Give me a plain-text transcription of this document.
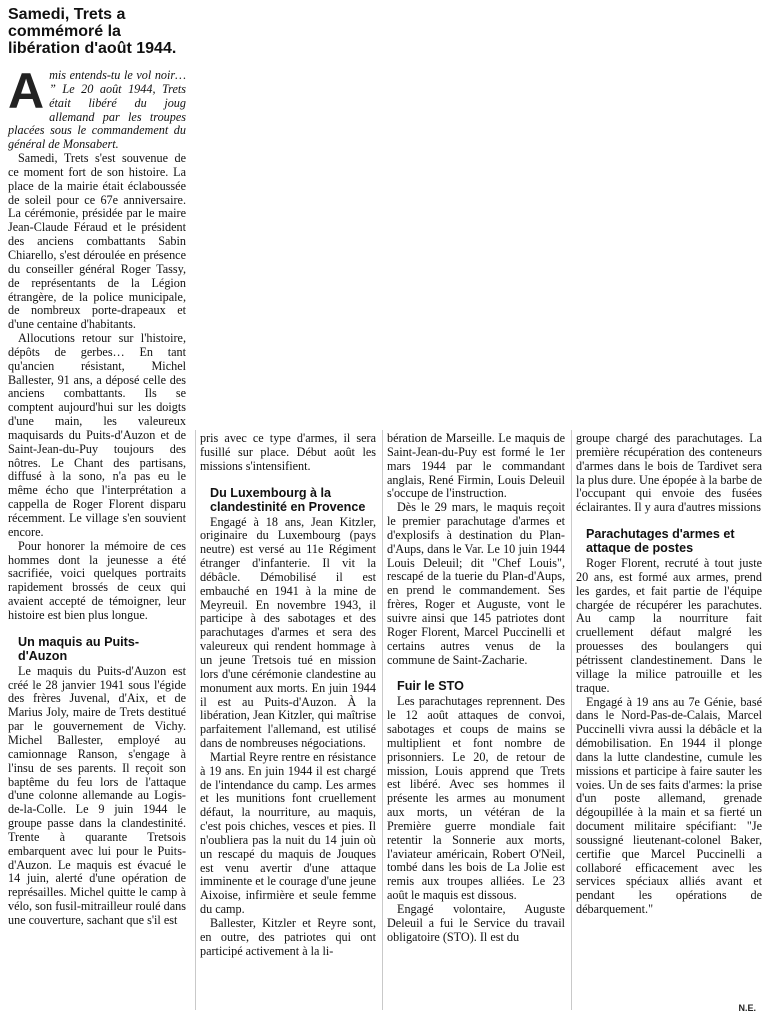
Samedi, Trets a commémoré la libération d'août 1944.

Amis entends-tu le vol noir… ” Le 20 août 1944, Trets était libéré du joug allemand par les troupes placées sous le commandement du général de Monsabert.

Samedi, Trets s'est souvenue de ce moment fort de son histoire. La place de la mairie était éclaboussée de soleil pour ce 67e anniversaire. La cérémonie, présidée par le maire Jean-Claude Féraud et le président des anciens combattants Sabin Chiarello, s'est déroulée en présence du conseiller général Roger Tassy, de représentants de la Légion étrangère, de la police municipale, de nombreux porte-drapeaux et d'une centaine d'habitants.

Allocutions retour sur l'histoire, dépôts de gerbes… En tant qu'ancien résistant, Michel Ballester, 91 ans, a déposé celle des anciens combattants. Ils se comptent aujourd'hui sur les doigts d'une main, les valeureux maquisards du Puits-d'Auzon et de Saint-Jean-du-Puy toujours des nôtres. Le Chant des partisans, diffusé à la sono, n'a pas eu le même écho que l'interprétation a cappella de Roger Florent disparu récemment. Le village s'en souvient encore.

Pour honorer la mémoire de ces hommes dont la jeunesse a été sacrifiée, voici quelques portraits rapidement brossés de ceux qui avaient accepté de témoigner, leur histoire est bien plus longue.

Un maquis au Puits-d'Auzon

Le maquis du Puits-d'Auzon est créé le 28 janvier 1941 sous l'égide des frères Juvenal, d'Aix, et de Marius Joly, maire de Trets destitué par le gouvernement de Vichy. Michel Ballester, employé au camionnage Ranson, s'engage à l'insu de ses parents. Il reçoit son baptême du feu lors de l'attaque d'une colonne allemande au Logis-de-la-Colle. Le 9 juin 1944 le groupe passe dans la clandestinité. Trente à quarante Tretsois embarquent avec lui pour le Puits-d'Auzon. Le maquis est évacué le 14 juin, alerté d'une opération de représailles. Michel quitte le camp à vélo, son fusil-mitrailleur roulé dans une couverture, sachant que s'il est

pris avec ce type d'armes, il sera fusillé sur place. Début août les missions s'intensifient.

Du Luxembourg à la clandestinité en Provence

Engagé à 18 ans, Jean Kitzler, originaire du Luxembourg (pays neutre) est versé au 11e Régiment étranger d'infanterie. Il vit la débâcle. Démobilisé il est embauché en 1941 à la mine de Meyreuil. En novembre 1943, il participe à des sabotages et des parachutages d'armes et sera des valeureux qui rendent hommage à un jeune Tretsois tué en mission lors d'une cérémonie clandestine au monument aux morts. En juin 1944 il est au Puits-d'Auzon. À la libération, Jean Kitzler, qui maîtrise parfaitement l'allemand, est utilisé dans de nombreuses négociations.

Martial Reyre rentre en résistance à 19 ans. En juin 1944 il est chargé de l'intendance du camp. Les armes et les munitions font cruellement défaut, la nourriture, au maquis, c'est pois chiches, vesces et pies. Il n'oubliera pas la nuit du 14 juin où un rescapé du maquis de Jouques est venu avertir d'une attaque imminente et le courage d'une jeune Aixoise, infirmière et seule femme du camp.

Ballester, Kitzler et Reyre sont, en outre, des patriotes qui ont participé activement à la li-

bération de Marseille. Le maquis de Saint-Jean-du-Puy est formé le 1er mars 1944 par le commandant anglais, René Firmin, Louis Deleuil s'occupe de l'instruction.

Dès le 29 mars, le maquis reçoit le premier parachutage d'armes et d'explosifs à destination du Plan-d'Aups, dans le Var. Le 10 juin 1944 Louis Deleuil; dit "Chef Louis", rescapé de la tuerie du Plan-d'Aups, en prend le commandement. Ses frères, Roger et Auguste, vont le suivre ainsi que 145 patriotes dont Roger Florent, Marcel Puccinelli et certains autres venus de la commune de Saint-Zacharie.

Fuir le STO

Les parachutages reprennent. Des le 12 août attaques de convoi, sabotages et coups de mains se multiplient et font nombre de prisonniers. Le 20, de retour de mission, Louis apprend que Trets est libéré. Avec ses hommes il présente les armes au monument aux morts, un vétéran de la Première guerre mondiale fait retentir la Sonnerie aux morts, l'aviateur américain, Robert O'Neil, tombé dans les bois de La Jolie est remis aux troupes alliées. Le 23 août le maquis est dissous.

Engagé volontaire, Auguste Deleuil a fui le Service du travail obligatoire (STO). Il est du

groupe chargé des parachutages. La première récupération des conteneurs d'armes dans le bois de Tardivet sera la plus dure. Une épopée à la barbe de l'occupant qui envoie des fusées éclairantes. Il y aura d'autres missions

Parachutages d'armes et attaque de postes

Roger Florent, recruté à tout juste 20 ans, est formé aux armes, prend les gardes, et fait partie de l'équipe chargée de récupérer les parachutes. Au camp la nourriture fait cruellement défaut malgré les prouesses des boulangers qui pétrissent clandestinement. Dans le village la milice patrouille et les traque.

Engagé à 19 ans au 7e Génie, basé dans le Nord-Pas-de-Calais, Marcel Puccinelli vivra aussi la débâcle et la démobilisation. En 1944 il plonge dans la lutte clandestine, cumule les missions et participe à faire sauter les voies. Un de ses faits d'armes: la prise d'un poste allemand, grenade dégoupillée à la main et sa fierté un document militaire spécifiant: "Je soussigné lieutenant-colonel Baker, certifie que Marcel Puccinelli a collaboré efficacement avec les services spéciaux alliés avant et pendant les opérations de débarquement."

N.E.
